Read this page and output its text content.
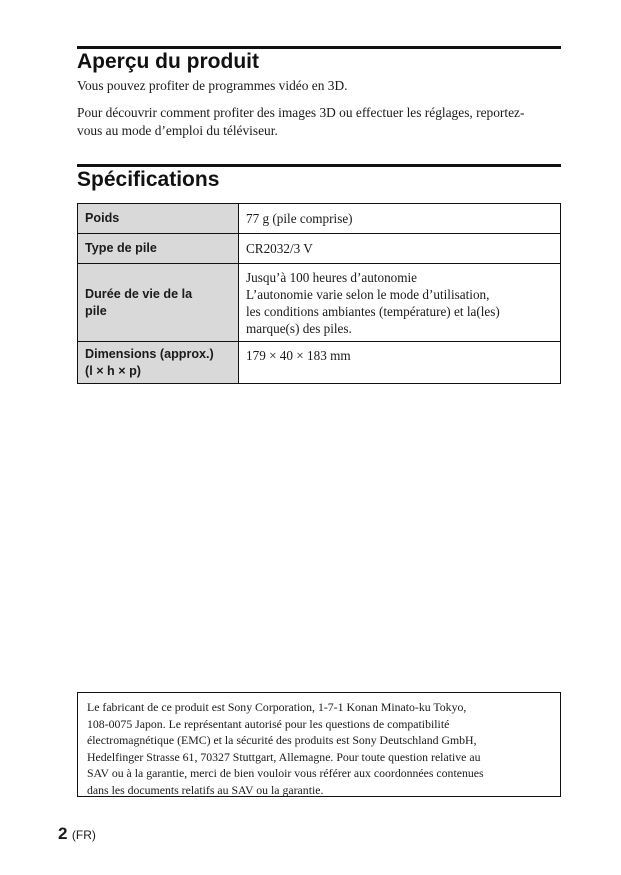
Aperçu du produit

Vous pouvez profiter de programmes vidéo en 3D.

Pour découvrir comment profiter des images 3D ou effectuer les réglages, reportez-
vous au mode d’emploi du téléviseur.

Spécifications
Poids	77 g (pile comprise)
Type de pile	CR2032/3 V

Durée de vie de la
pile	Jusqu’à 100 heures d’autonomie
L’autonomie varie selon le mode d’utilisation,
les conditions ambiantes (température) et la(les)
marque(s) des piles.

Dimensions (approx.)
(l × h × p)	179 × 40 × 183 mm
Le fabricant de ce produit est Sony Corporation, 1-7-1 Konan Minato-ku Tokyo,
108-0075 Japon. Le représentant autorisé pour les questions de compatibilité
électromagnétique (EMC) et la sécurité des produits est Sony Deutschland GmbH,
Hedelfinger Strasse 61, 70327 Stuttgart, Allemagne. Pour toute question relative au
SAV ou à la garantie, merci de bien vouloir vous référer aux coordonnées contenues
dans les documents relatifs au SAV ou la garantie.
2 (FR)
